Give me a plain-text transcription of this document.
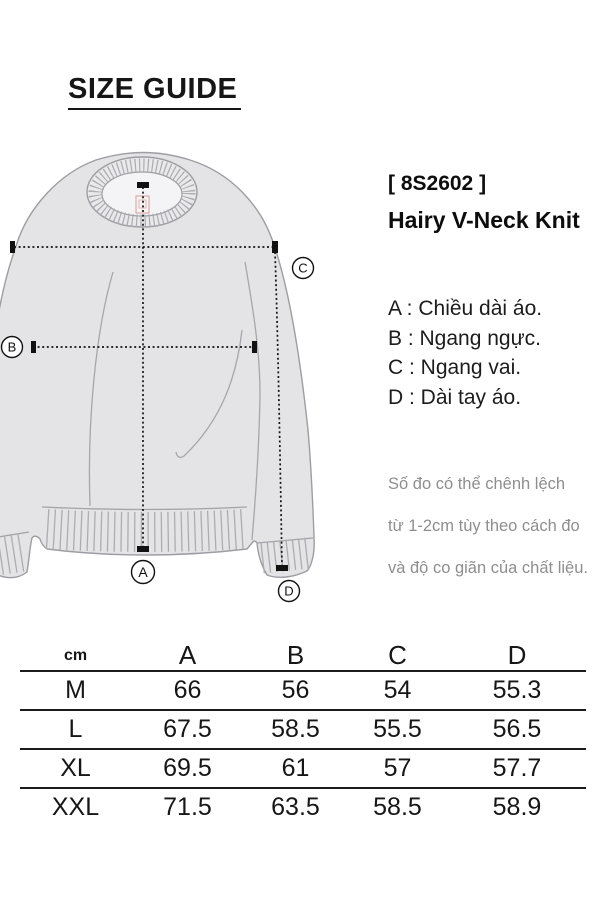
SIZE GUIDE
A
B
C
D
[ 8S2602 ]
Hairy V-Neck Knit
A : Chiều dài áo.
B : Ngang ngực.
C : Ngang vai.
D : Dài tay áo.
Số đo có thể chênh lệch
từ 1-2cm tùy theo cách đo
và độ co giãn của chất liệu.
cm	A	B	C	D
M	66	56	54	55.3
L	67.5	58.5	55.5	56.5
XL	69.5	61	57	57.7
XXL	71.5	63.5	58.5	58.9
